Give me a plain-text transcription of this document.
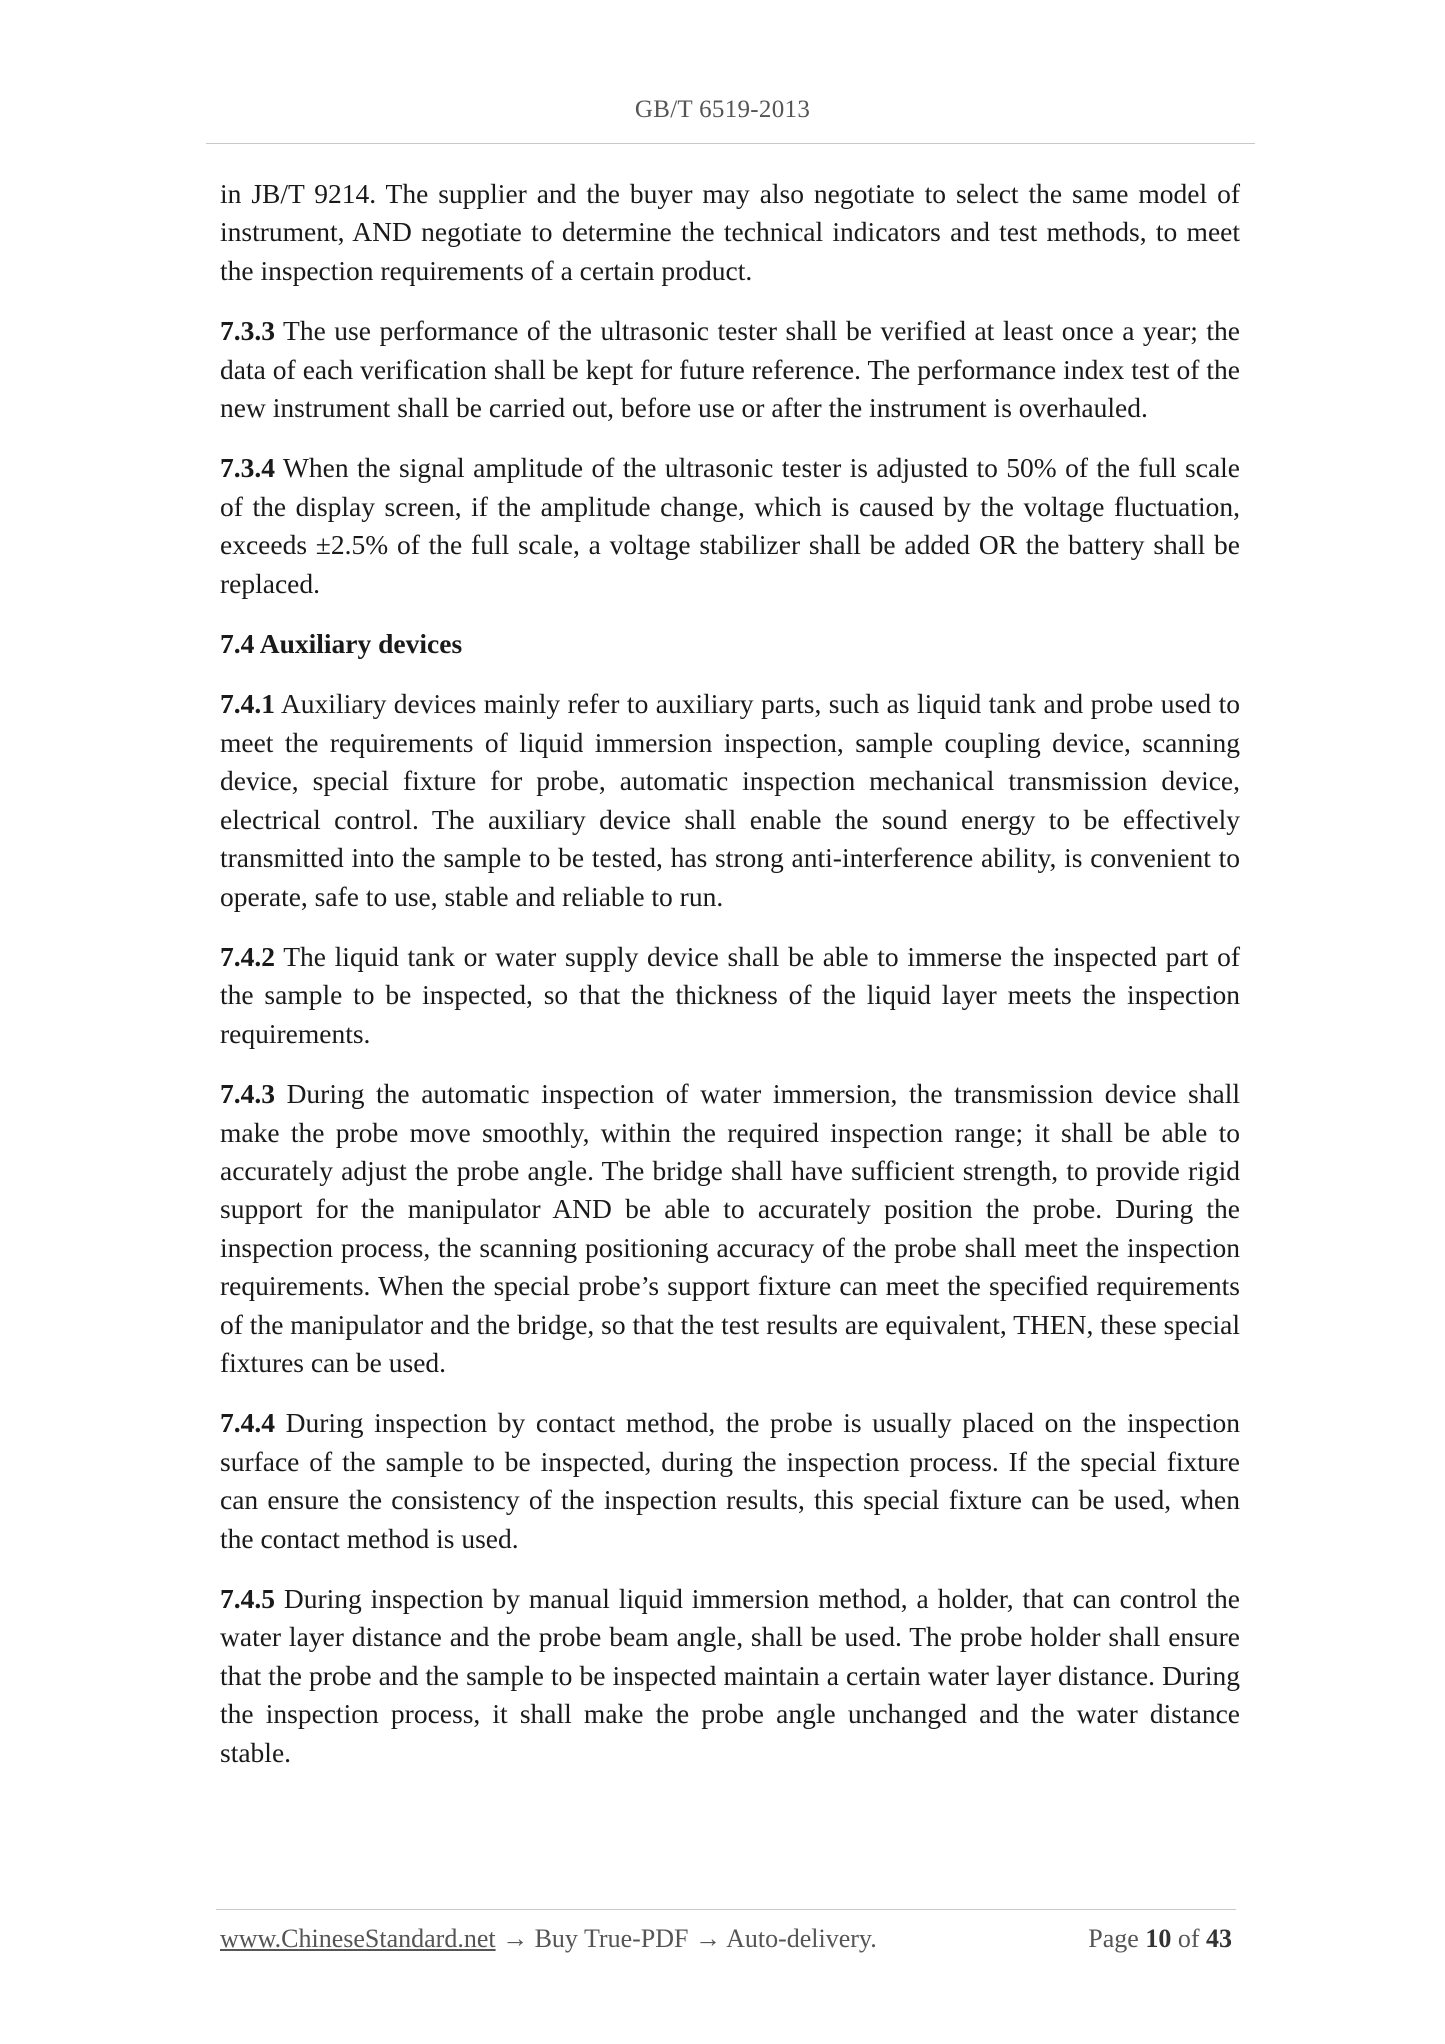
GB/T 6519-2013

in JB/T 9214. The supplier and the buyer may also negotiate to select the same model of instrument, AND negotiate to determine the technical indicators and test methods, to meet the inspection requirements of a certain product.

7.3.3 The use performance of the ultrasonic tester shall be verified at least once a year; the data of each verification shall be kept for future reference. The performance index test of the new instrument shall be carried out, before use or after the instrument is overhauled.

7.3.4 When the signal amplitude of the ultrasonic tester is adjusted to 50% of the full scale of the display screen, if the amplitude change, which is caused by the voltage fluctuation, exceeds ±2.5% of the full scale, a voltage stabilizer shall be added OR the battery shall be replaced.

7.4 Auxiliary devices

7.4.1 Auxiliary devices mainly refer to auxiliary parts, such as liquid tank and probe used to meet the requirements of liquid immersion inspection, sample coupling device, scanning device, special fixture for probe, automatic inspection mechanical transmission device, electrical control. The auxiliary device shall enable the sound energy to be effectively transmitted into the sample to be tested, has strong anti-interference ability, is convenient to operate, safe to use, stable and reliable to run.

7.4.2 The liquid tank or water supply device shall be able to immerse the inspected part of the sample to be inspected, so that the thickness of the liquid layer meets the inspection requirements.

7.4.3 During the automatic inspection of water immersion, the transmission device shall make the probe move smoothly, within the required inspection range; it shall be able to accurately adjust the probe angle. The bridge shall have sufficient strength, to provide rigid support for the manipulator AND be able to accurately position the probe. During the inspection process, the scanning positioning accuracy of the probe shall meet the inspection requirements. When the special probe’s support fixture can meet the specified requirements of the manipulator and the bridge, so that the test results are equivalent, THEN, these special fixtures can be used.

7.4.4 During inspection by contact method, the probe is usually placed on the inspection surface of the sample to be inspected, during the inspection process. If the special fixture can ensure the consistency of the inspection results, this special fixture can be used, when the contact method is used.

7.4.5 During inspection by manual liquid immersion method, a holder, that can control the water layer distance and the probe beam angle, shall be used. The probe holder shall ensure that the probe and the sample to be inspected maintain a certain water layer distance. During the inspection process, it shall make the probe angle unchanged and the water distance stable.

www.ChineseStandard.net → Buy True-PDF → Auto-delivery.	Page 10 of 43
